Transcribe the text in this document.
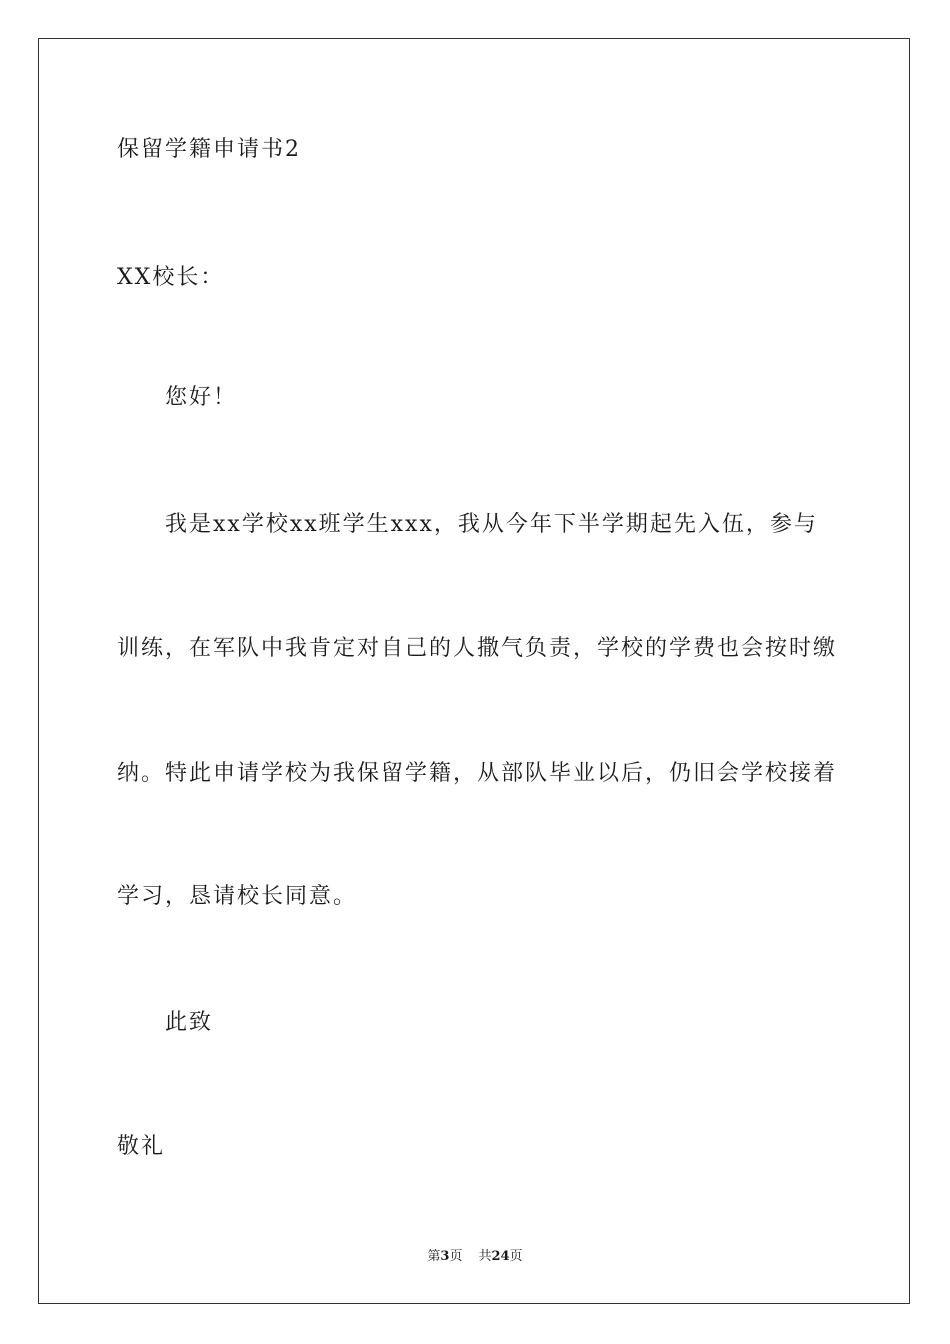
保留学籍申请书2
XX校长：
您好！
我是xx学校xx班学生xxx，我从今年下半学期起先入伍，参与
训练，在军队中我肯定对自己的人撒气负责，学校的学费也会按时缴
纳。特此申请学校为我保留学籍，从部队毕业以后，仍旧会学校接着
学习，恳请校长同意。
此致
敬礼
第3页 共24页
